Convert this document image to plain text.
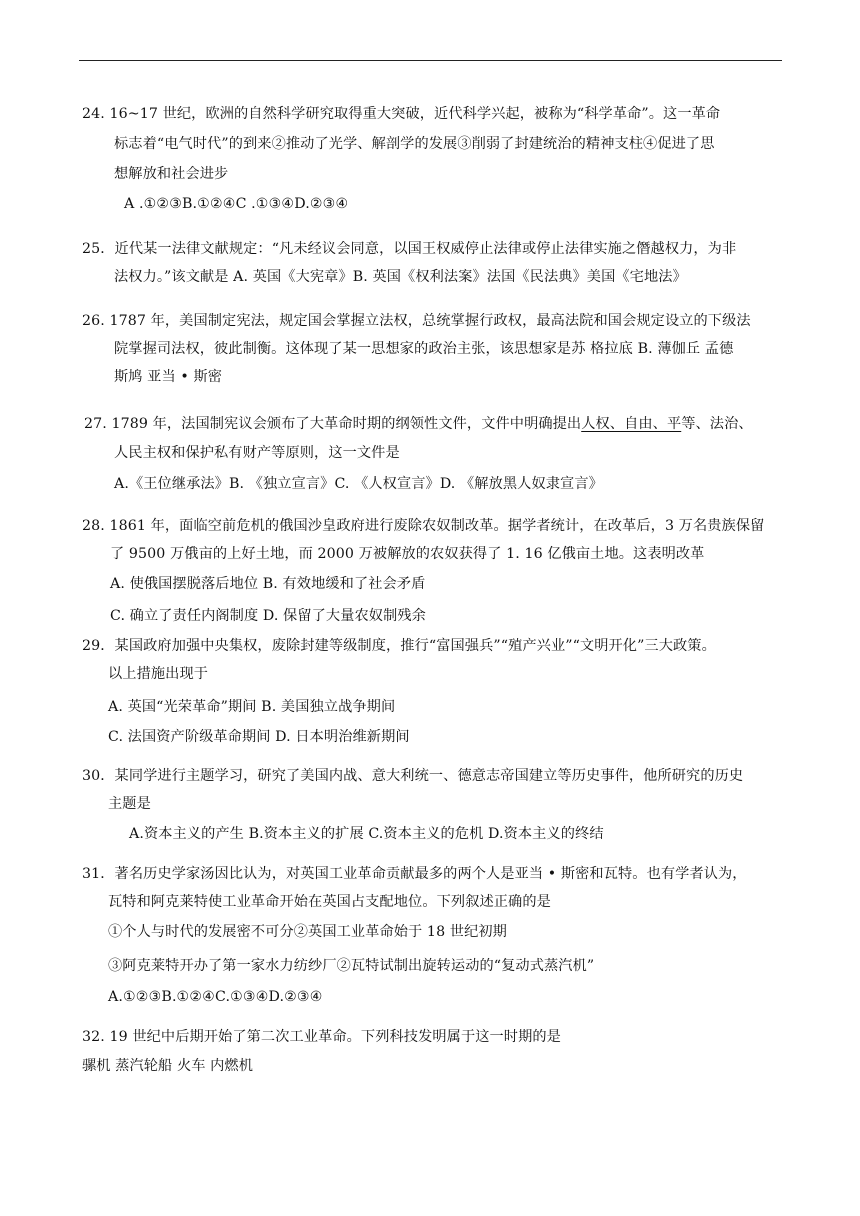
24. 16~17 世纪，欧洲的自然科学研究取得重大突破，近代科学兴起，被称为“科学革命”。这一革命
标志着“电气时代”的到来②推动了光学、解剖学的发展③削弱了封建统治的精神支柱④促进了思
想解放和社会进步
A .①②③B.①②④C .①③④D.②③④
25．近代某一法律文献规定：“凡未经议会同意，以国王权威停止法律或停止法律实施之僭越权力，为非
法权力。”该文献是 A. 英国《大宪章》B. 英国《权利法案》法国《民法典》美国《宅地法》
26. 1787 年，美国制定宪法，规定国会掌握立法权，总统掌握行政权，最高法院和国会规定设立的下级法
院掌握司法权，彼此制衡。这体现了某一思想家的政治主张，该思想家是苏 格拉底 B. 薄伽丘 孟德
斯鸠 亚当 • 斯密
27. 1789 年，法国制宪议会颁布了大革命时期的纲领性文件，文件中明确提出人权、自由、平等、法治、
人民主权和保护私有财产等原则，这一文件是
A.《王位继承法》B. 《独立宣言》C. 《人权宣言》D. 《解放黑人奴隶宣言》
28. 1861 年，面临空前危机的俄国沙皇政府进行废除农奴制改革。据学者统计，在改革后，3 万名贵族保留
了 9500 万俄亩的上好土地，而 2000 万被解放的农奴获得了 1. 16 亿俄亩土地。这表明改革
A. 使俄国摆脱落后地位 B. 有效地缓和了社会矛盾
C. 确立了责任内阁制度 D. 保留了大量农奴制残余
29．某国政府加强中央集权，废除封建等级制度，推行“富国强兵”“殖产兴业”“文明开化”三大政策。
以上措施出现于
A. 英国“光荣革命”期间 B. 美国独立战争期间
C. 法国资产阶级革命期间 D. 日本明治维新期间
30．某同学进行主题学习，研究了美国内战、意大利统一、德意志帝国建立等历史事件，他所研究的历史
主题是
A.资本主义的产生 B.资本主义的扩展 C.资本主义的危机 D.资本主义的终结
31．著名历史学家汤因比认为，对英国工业革命贡献最多的两个人是亚当 • 斯密和瓦特。也有学者认为，
瓦特和阿克莱特使工业革命开始在英国占支配地位。下列叙述正确的是
①个人与时代的发展密不可分②英国工业革命始于 18 世纪初期
③阿克莱特开办了第一家水力纺纱厂②瓦特试制出旋转运动的“复动式蒸汽机”
A.①②③B.①②④C.①③④D.②③④
32. 19 世纪中后期开始了第二次工业革命。下列科技发明属于这一时期的是
骡机 蒸汽轮船 火车 内燃机
